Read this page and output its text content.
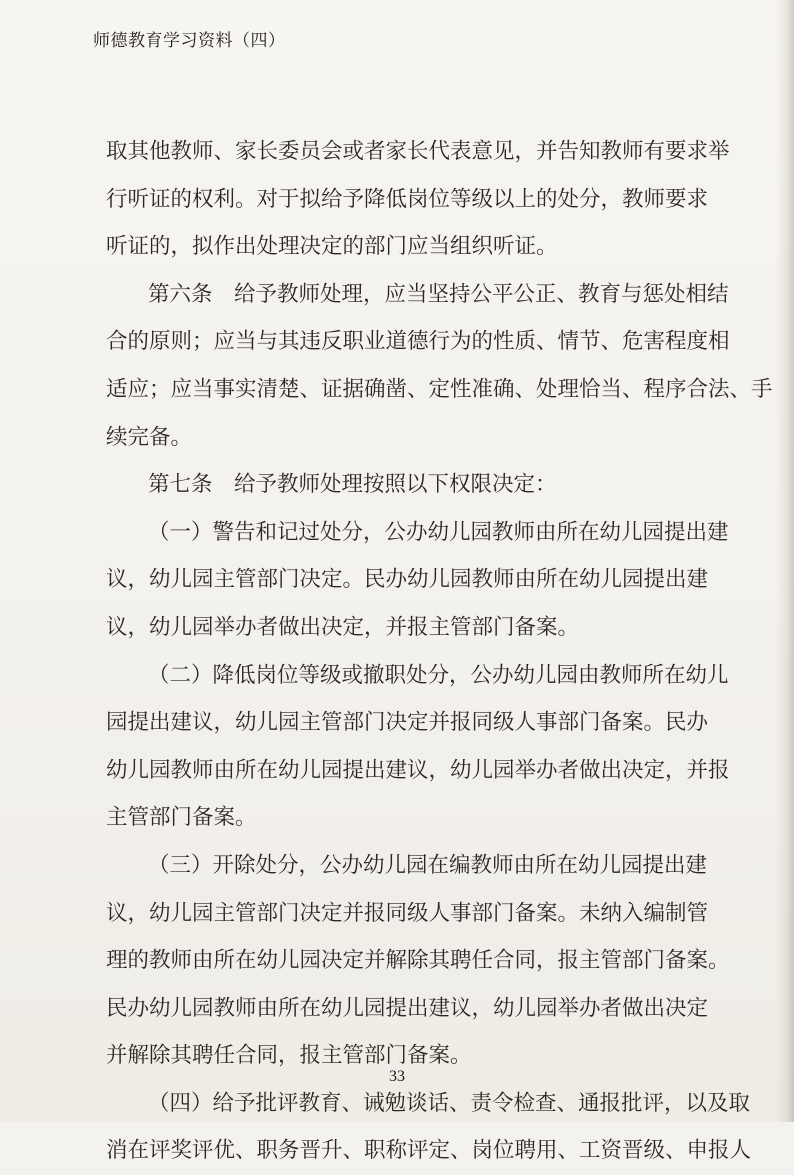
师德教育学习资料（四）
取其他教师、家长委员会或者家长代表意见，并告知教师有要求举
行听证的权利。对于拟给予降低岗位等级以上的处分，教师要求
听证的，拟作出处理决定的部门应当组织听证。
第六条　给予教师处理，应当坚持公平公正、教育与惩处相结
合的原则；应当与其违反职业道德行为的性质、情节、危害程度相
适应；应当事实清楚、证据确凿、定性准确、处理恰当、程序合法、手
续完备。
第七条　给予教师处理按照以下权限决定：
（一）警告和记过处分，公办幼儿园教师由所在幼儿园提出建
议，幼儿园主管部门决定。民办幼儿园教师由所在幼儿园提出建
议，幼儿园举办者做出决定，并报主管部门备案。
（二）降低岗位等级或撤职处分，公办幼儿园由教师所在幼儿
园提出建议，幼儿园主管部门决定并报同级人事部门备案。民办
幼儿园教师由所在幼儿园提出建议，幼儿园举办者做出决定，并报
主管部门备案。
（三）开除处分，公办幼儿园在编教师由所在幼儿园提出建
议，幼儿园主管部门决定并报同级人事部门备案。未纳入编制管
理的教师由所在幼儿园决定并解除其聘任合同，报主管部门备案。
民办幼儿园教师由所在幼儿园提出建议，幼儿园举办者做出决定
并解除其聘任合同，报主管部门备案。
（四）给予批评教育、诫勉谈话、责令检查、通报批评，以及取
消在评奖评优、职务晋升、职称评定、岗位聘用、工资晋级、申报人
33
